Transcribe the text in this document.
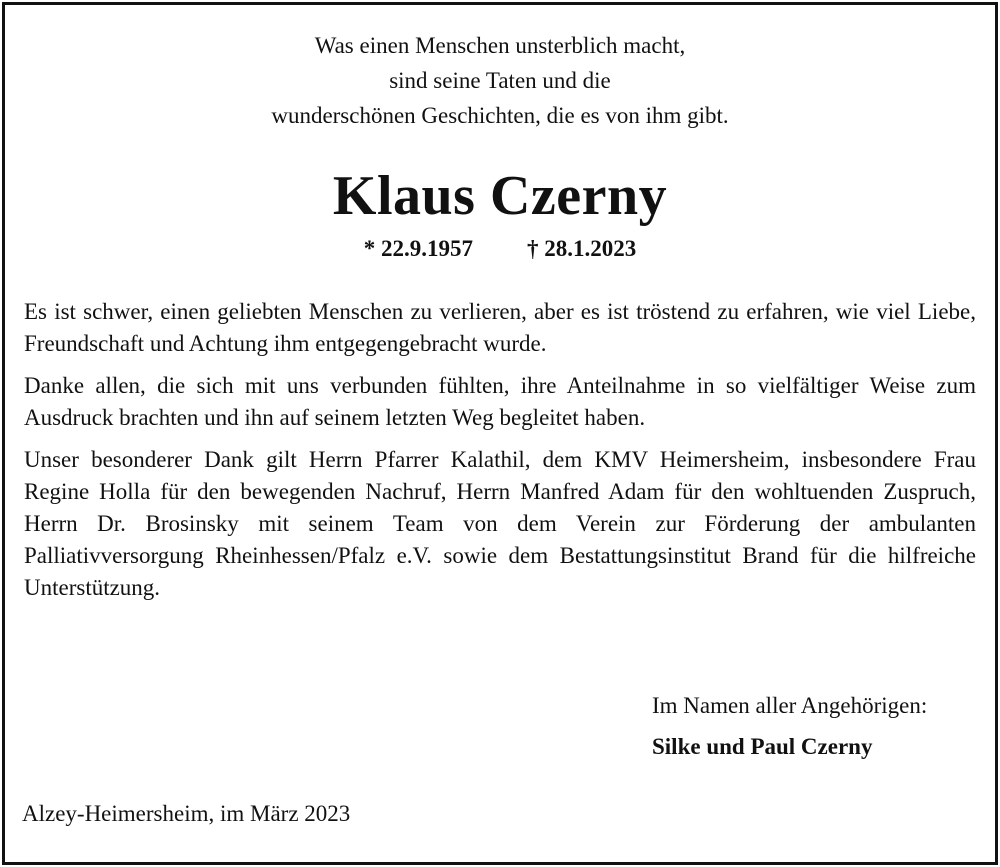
Was einen Menschen unsterblich macht,
sind seine Taten und die
wunderschönen Geschichten, die es von ihm gibt.
Klaus Czerny
* 22.9.1957 † 28.1.2023

Es ist schwer, einen geliebten Menschen zu verlieren, aber es ist tröstend zu erfahren, wie viel Liebe, Freundschaft und Achtung ihm entgegengebracht wurde.

Danke allen, die sich mit uns verbunden fühlten, ihre Anteilnahme in so vielfältiger Weise zum Ausdruck brachten und ihn auf seinem letzten Weg begleitet haben.

Unser besonderer Dank gilt Herrn Pfarrer Kalathil, dem KMV Heimersheim, insbesondere Frau Regine Holla für den bewegenden Nachruf, Herrn Manfred Adam für den wohltuenden Zuspruch, Herrn Dr. Brosinsky mit seinem Team von dem Verein zur Förderung der ambulanten Palliativversorgung Rheinhessen/Pfalz e.V. sowie dem Bestattungsinstitut Brand für die hilfreiche Unterstützung.

Im Namen aller Angehörigen:
Silke und Paul Czerny
Alzey-Heimersheim, im März 2023
